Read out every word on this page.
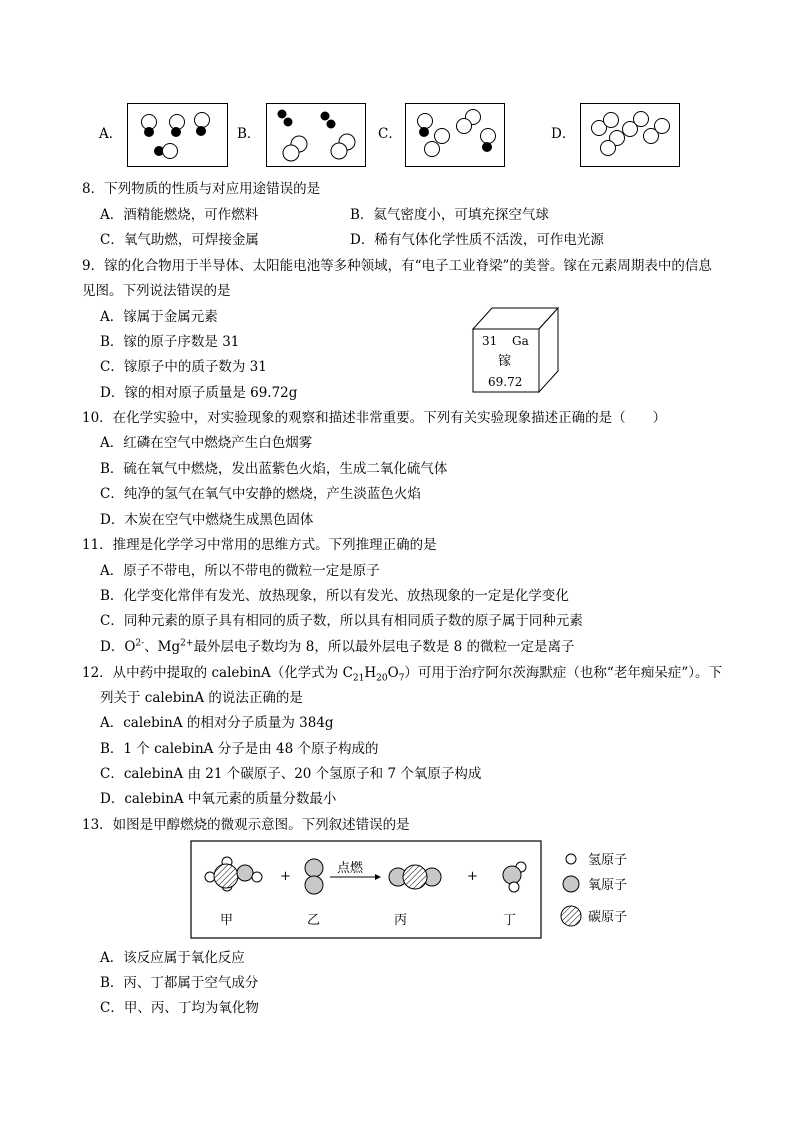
A．	B．	C．	D．
8．下列物质的性质与对应用途错误的是
A．酒精能燃烧，可作燃料	B．氦气密度小，可填充探空气球
C．氧气助燃，可焊接金属	D．稀有气体化学性质不活泼，可作电光源
9．镓的化合物用于半导体、太阳能电池等多种领域，有“电子工业脊梁”的美誉。镓在元素周期表中的信息
见图。下列说法错误的是
A．镓属于金属元素
B．镓的原子序数是 31
C．镓原子中的质子数为 31
D．镓的相对原子质量是 69.72g
31 Ga
镓
69.72
10．在化学实验中，对实验现象的观察和描述非常重要。下列有关实验现象描述正确的是（　　）
A．红磷在空气中燃烧产生白色烟雾
B．硫在氧气中燃烧，发出蓝紫色火焰，生成二氧化硫气体
C．纯净的氢气在氧气中安静的燃烧，产生淡蓝色火焰
D．木炭在空气中燃烧生成黑色固体
11．推理是化学学习中常用的思维方式。下列推理正确的是
A．原子不带电，所以不带电的微粒一定是原子
B．化学变化常伴有发光、放热现象，所以有发光、放热现象的一定是化学变化
C．同种元素的原子具有相同的质子数，所以具有相同质子数的原子属于同种元素
D．$O^{2-}$、$Mg^{2+}$最外层电子数均为 8，所以最外层电子数是 8 的微粒一定是离子
12．从中药中提取的 calebinA（化学式为 $C_{21}H_{20}O_7$）可用于治疗阿尔茨海默症（也称“老年痴呆症”）。下
列关于 calebinA 的说法正确的是
A．calebinA 的相对分子质量为 384g
B．1 个 calebinA 分子是由 48 个原子构成的
C．calebinA 由 21 个碳原子、20 个氢原子和 7 个氧原子构成
D．calebinA 中氧元素的质量分数最小
13．如图是甲醇燃烧的微观示意图。下列叙述错误的是
+
点燃
+
甲	乙	丙	丁
氢原子
氧原子
碳原子
A．该反应属于氧化反应
B．丙、丁都属于空气成分
C．甲、丙、丁均为氧化物
